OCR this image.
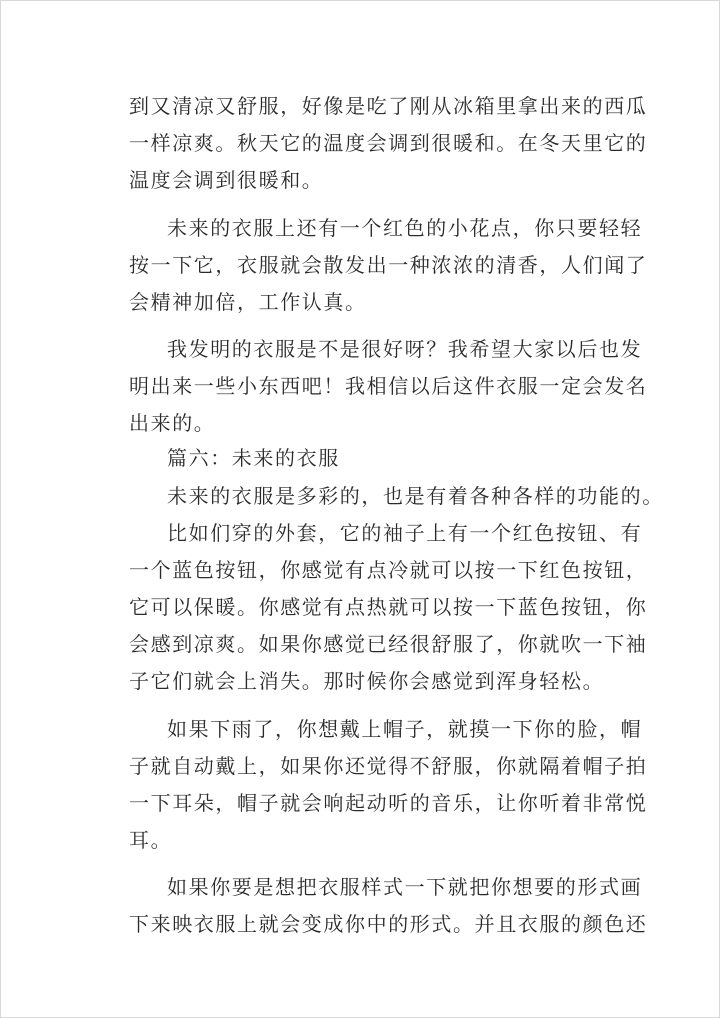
到又清凉又舒服，好像是吃了刚从冰箱里拿出来的西瓜
一样凉爽。秋天它的温度会调到很暖和。在冬天里它的
温度会调到很暖和。
未来的衣服上还有一个红色的小花点，你只要轻轻
按一下它，衣服就会散发出一种浓浓的清香，人们闻了
会精神加倍，工作认真。
我发明的衣服是不是很好呀？我希望大家以后也发
明出来一些小东西吧！我相信以后这件衣服一定会发名
出来的。
篇六：未来的衣服
未来的衣服是多彩的，也是有着各种各样的功能的。
比如们穿的外套，它的袖子上有一个红色按钮、有
一个蓝色按钮，你感觉有点冷就可以按一下红色按钮，
它可以保暖。你感觉有点热就可以按一下蓝色按钮，你
会感到凉爽。如果你感觉已经很舒服了，你就吹一下袖
子它们就会上消失。那时候你会感觉到浑身轻松。
如果下雨了，你想戴上帽子，就摸一下你的脸，帽
子就自动戴上，如果你还觉得不舒服，你就隔着帽子拍
一下耳朵，帽子就会响起动听的音乐，让你听着非常悦
耳。
如果你要是想把衣服样式一下就把你想要的形式画
下来映衣服上就会变成你中的形式。并且衣服的颜色还
